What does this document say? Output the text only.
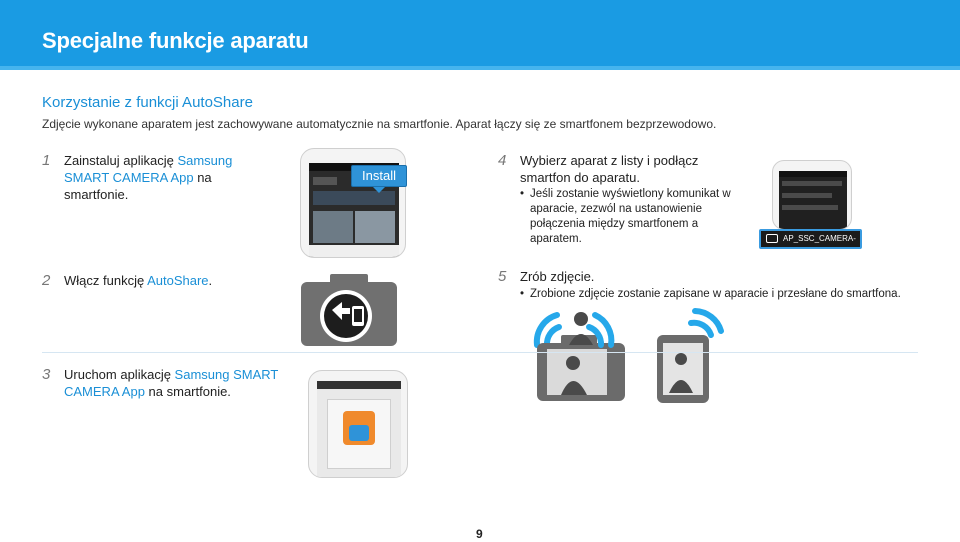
Specjalne funkcje aparatu
Korzystanie z funkcji AutoShare
Zdjęcie wykonane aparatem jest zachowywane automatycznie na smartfonie. Aparat łączy się ze smartfonem bezprzewodowo.
1 Zainstaluj aplikację Samsung SMART CAMERA App na smartfonie.
Install
4 Wybierz aparat z listy i podłącz smartfon do aparatu.
• Jeśli zostanie wyświetlony komunikat w aparacie, zezwól na ustanowienie połączenia między smartfonem a aparatem.	AP_SSC_CAMERA-12:34:56
2 Włącz funkcję AutoShare.	5 Zrób zdjęcie.
• Zrobione zdjęcie zostanie zapisane w aparacie i przesłane do smartfona.
3 Uruchom aplikację Samsung SMART CAMERA App na smartfonie.
9
